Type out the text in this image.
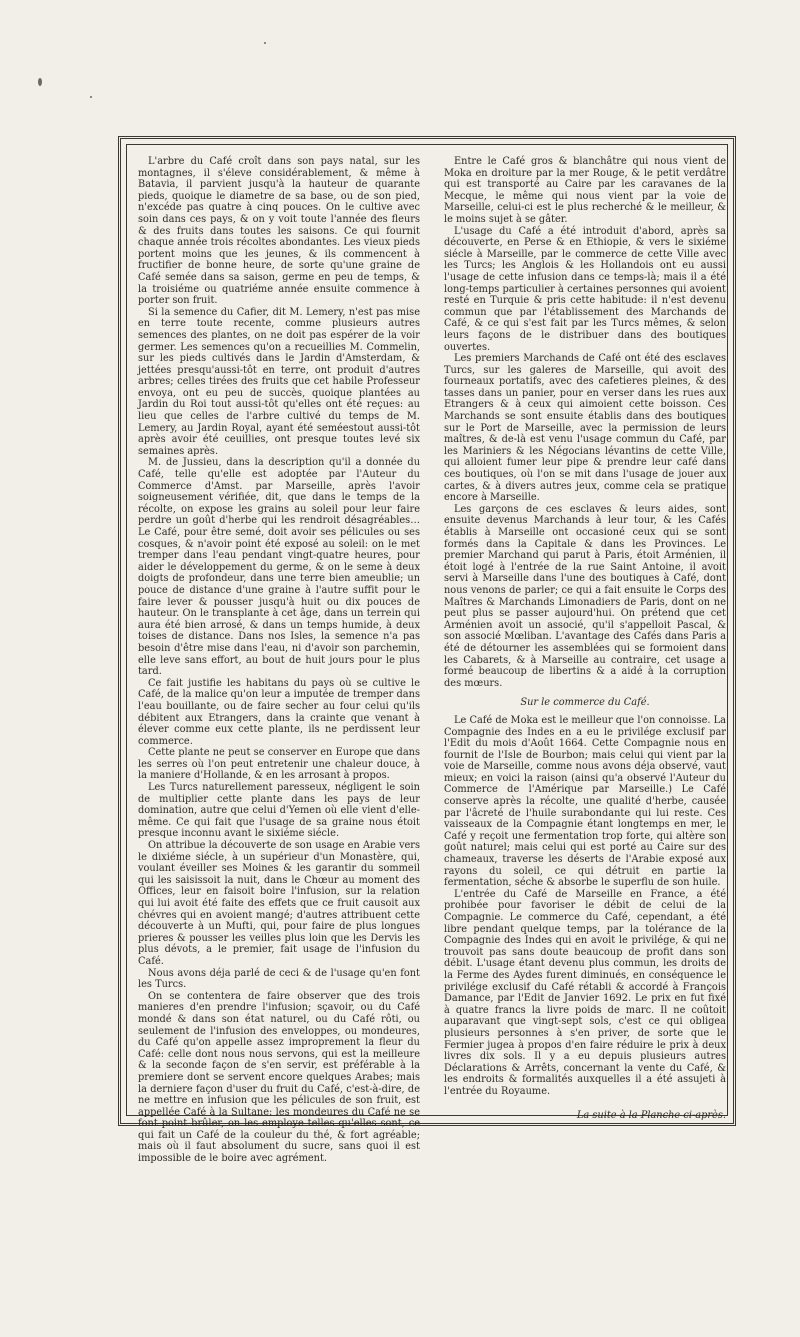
L'arbre du Café croît dans son pays natal, sur les montagnes, il s'éleve considérablement, & même à Batavia, il parvient jusqu'à la hauteur de quarante pieds, quoique le diametre de sa base, ou de son pied, n'excéde pas quatre à cinq pouces. On le cultive avec soin dans ces pays, & on y voit toute l'année des fleurs & des fruits dans toutes les saisons. Ce qui fournit chaque année trois récoltes abondantes. Les vieux pieds portent moins que les jeunes, & ils commencent à fructifier de bonne heure, de sorte qu'une graine de Café semée dans sa saison, germe en peu de temps, & la troisiéme ou quatriéme année ensuite commence à porter son fruit.

Si la semence du Cafier, dit M. Lemery, n'est pas mise en terre toute recente, comme plusieurs autres semences des plantes, on ne doit pas espérer de la voir germer. Les semences qu'on a recueillies M. Commelin, sur les pieds cultivés dans le Jardin d'Amsterdam, & jettées presqu'aussi-tôt en terre, ont produit d'autres arbres; celles tirées des fruits que cet habile Professeur envoya, ont eu peu de succès, quoique plantées au Jardin du Roi tout aussi-tôt qu'elles ont été reçues: au lieu que celles de l'arbre cultivé du temps de M. Lemery, au Jardin Royal, ayant été seméestout aussi-tôt après avoir été ceuillies, ont presque toutes levé six semaines après.

M. de Jussieu, dans la description qu'il a donnée du Café, telle qu'elle est adoptée par l'Auteur du Commerce d'Amst. par Marseille, après l'avoir soigneusement vérifiée, dit, que dans le temps de la récolte, on expose les grains au soleil pour leur faire perdre un goût d'herbe qui les rendroit désagréables… Le Café, pour être semé, doit avoir ses pélicules ou ses cosques, & n'avoir point été exposé au soleil: on le met tremper dans l'eau pendant vingt-quatre heures, pour aider le développement du germe, & on le seme à deux doigts de profondeur, dans une terre bien ameublie; un pouce de distance d'une graine à l'autre suffit pour le faire lever & pousser jusqu'à huit ou dix pouces de hauteur. On le transplante à cet âge, dans un terrein qui aura été bien arrosé, & dans un temps humide, à deux toises de distance. Dans nos Isles, la semence n'a pas besoin d'être mise dans l'eau, ni d'avoir son parchemin, elle leve sans effort, au bout de huit jours pour le plus tard.

Ce fait justifie les habitans du pays où se cultive le Café, de la malice qu'on leur a imputée de tremper dans l'eau bouillante, ou de faire secher au four celui qu'ils débitent aux Etrangers, dans la crainte que venant à élever comme eux cette plante, ils ne perdissent leur commerce.

Cette plante ne peut se conserver en Europe que dans les serres où l'on peut entretenir une chaleur douce, à la maniere d'Hollande, & en les arrosant à propos.

Les Turcs naturellement paresseux, négligent le soin de multiplier cette plante dans les pays de leur domination, autre que celui d'Yemen où elle vient d'elle-même. Ce qui fait que l'usage de sa graine nous étoit presque inconnu avant le sixiéme siécle.

On attribue la découverte de son usage en Arabie vers le dixiéme siécle, à un supérieur d'un Monastère, qui, voulant éveiller ses Moines & les garantir du sommeil qui les saisissoit la nuit, dans le Chœur au moment des Offices, leur en faisoit boire l'infusion, sur la relation qui lui avoit été faite des effets que ce fruit causoit aux chévres qui en avoient mangé; d'autres attribuent cette découverte à un Mufti, qui, pour faire de plus longues prieres & pousser les veilles plus loin que les Dervis les plus dévots, a le premier, fait usage de l'infusion du Café.

Nous avons déja parlé de ceci & de l'usage qu'en font les Turcs.

On se contentera de faire observer que des trois manieres d'en prendre l'infusion; sçavoir, ou du Café mondé & dans son état naturel, ou du Café rôti, ou seulement de l'infusion des enveloppes, ou mondeures, du Café qu'on appelle assez improprement la fleur du Café: celle dont nous nous servons, qui est la meilleure & la seconde façon de s'en servir, est préférable à la premiere dont se servent encore quelques Arabes; mais la derniere façon d'user du fruit du Café, c'est-à-dire, de ne mettre en infusion que les pélicules de son fruit, est appellée Café à la Sultane: les mondeures du Café ne se font point brûler, on les employe telles qu'elles sont, ce qui fait un Café de la couleur du thé, & fort agréable; mais où il faut absolument du sucre, sans quoi il est impossible de le boire avec agrément.

Entre le Café gros & blanchâtre qui nous vient de Moka en droiture par la mer Rouge, & le petit verdâtre qui est transporté au Caire par les caravanes de la Mecque, le même qui nous vient par la voie de Marseille, celui-ci est le plus recherché & le meilleur, & le moins sujet à se gâter.

L'usage du Café a été introduit d'abord, après sa découverte, en Perse & en Ethiopie, & vers le sixiéme siécle à Marseille, par le commerce de cette Ville avec les Turcs; les Anglois & les Hollandois ont eu aussi l'usage de cette infusion dans ce temps-là; mais il a été long-temps particulier à certaines personnes qui avoient resté en Turquie & pris cette habitude: il n'est devenu commun que par l'établissement des Marchands de Café, & ce qui s'est fait par les Turcs mêmes, & selon leurs façons de le distribuer dans des boutiques ouvertes.

Les premiers Marchands de Café ont été des esclaves Turcs, sur les galeres de Marseille, qui avoit des fourneaux portatifs, avec des cafetieres pleines, & des tasses dans un panier, pour en verser dans les rues aux Etrangers & à ceux qui aimoient cette boisson. Ces Marchands se sont ensuite établis dans des boutiques sur le Port de Marseille, avec la permission de leurs maîtres, & de-là est venu l'usage commun du Café, par les Mariniers & les Négocians lévantins de cette Ville, qui alloient fumer leur pipe & prendre leur café dans ces boutiques, où l'on se mit dans l'usage de jouer aux cartes, & à divers autres jeux, comme cela se pratique encore à Marseille.

Les garçons de ces esclaves & leurs aides, sont ensuite devenus Marchands à leur tour, & les Cafés établis à Marseille ont occasioné ceux qui se sont formés dans la Capitale & dans les Provinces. Le premier Marchand qui parut à Paris, étoit Arménien, il étoit logé à l'entrée de la rue Saint Antoine, il avoit servi à Marseille dans l'une des boutiques à Café, dont nous venons de parler; ce qui a fait ensuite le Corps des Maîtres & Marchands Limonadiers de Paris, dont on ne peut plus se passer aujourd'hui. On prétend que cet Arménien avoit un associé, qu'il s'appelloit Pascal, & son associé Mœliban. L'avantage des Cafés dans Paris a été de détourner les assemblées qui se formoient dans les Cabarets, & à Marseille au contraire, cet usage a formé beaucoup de libertins & a aidé à la corruption des mœurs.

Sur le commerce du Café.

Le Café de Moka est le meilleur que l'on connoisse. La Compagnie des Indes en a eu le privilége exclusif par l'Edit du mois d'Août 1664. Cette Compagnie nous en fournit de l'Isle de Bourbon; mais celui qui vient par la voie de Marseille, comme nous avons déja observé, vaut mieux; en voici la raison (ainsi qu'a observé l'Auteur du Commerce de l'Amérique par Marseille.) Le Café conserve après la récolte, une qualité d'herbe, causée par l'âcreté de l'huile surabondante qui lui reste. Ces vaisseaux de la Compagnie étant longtemps en mer, le Café y reçoit une fermentation trop forte, qui altère son goût naturel; mais celui qui est porté au Caire sur des chameaux, traverse les déserts de l'Arabie exposé aux rayons du soleil, ce qui détruit en partie la fermentation, séche & absorbe le superflu de son huile.

L'entrée du Café de Marseille en France, a été prohibée pour favoriser le débit de celui de la Compagnie. Le commerce du Café, cependant, a été libre pendant quelque temps, par la tolérance de la Compagnie des Indes qui en avoit le privilége, & qui ne trouvoit pas sans doute beaucoup de profit dans son débit. L'usage étant devenu plus commun, les droits de la Ferme des Aydes furent diminués, en conséquence le privilége exclusif du Café rétabli & accordé à François Damance, par l'Edit de Janvier 1692. Le prix en fut fixé à quatre francs la livre poids de marc. Il ne coûtoit auparavant que vingt-sept sols, c'est ce qui obligea plusieurs personnes à s'en priver, de sorte que le Fermier jugea à propos d'en faire réduire le prix à deux livres dix sols. Il y a eu depuis plusieurs autres Déclarations & Arrêts, concernant la vente du Café, & les endroits & formalités auxquelles il a été assujeti à l'entrée du Royaume.

La suite à la Planche ci-après.
